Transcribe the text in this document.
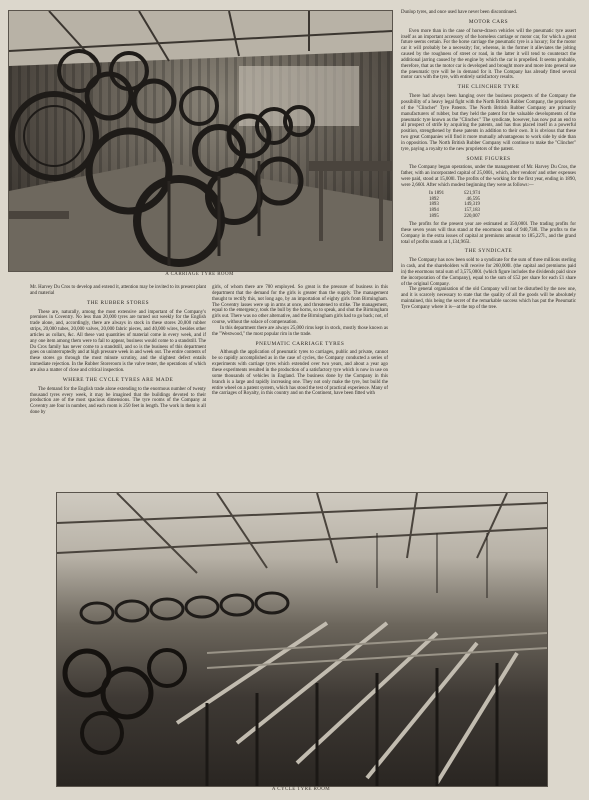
A CARRIAGE TYRE ROOM

Mr. Harvey Du Cros to develop and extend it, attention may be invited to its present plant and material

THE RUBBER STORES

These are, naturally, among the most extensive and important of the Company's premises in Coventry. No less than 20,000 tyres are turned out weekly for the English trade alone, and, accordingly, there are always in stock in these stores 20,000 rubber strips, 20,000 tubes, 20,000 valves, 20,000 fabric pieces, and 40,000 wires, besides other articles as collars, &c. All these vast quantities of material come in every week, and if any one item among them were to fail to appear, business would come to a standstill. The Du Cros family has never come to a standstill, and so is the business of this department goes on uninterruptedly and at high pressure week in and week out. The entire contents of these stores go through the most minute scrutiny, and the slightest defect entails immediate rejection. In the Rubber Storeroom is the valve tester, the operations of which are also a matter of close and critical inspection.

WHERE THE CYCLE TYRES ARE MADE

The demand for the English trade alone extending to the enormous number of twenty thousand tyres every week, it may be imagined that the buildings devoted to their production are of the most spacious dimensions. The tyre rooms of the Company at Coventry are four in number, and each room is 250 feet in length. The work in them is all done by

girls, of whom there are 700 employed. So great is the pressure of business in this department that the demand for the girls is greater than the supply. The management thought to rectify this, not long ago, by an importation of eighty girls from Birmingham. The Coventry lasses were up in arms at once, and threatened to strike. The management, equal to the emergency, took the bull by the horns, so to speak, and shut the Birmingham girls out. There was no other alternative, and the Birmingham girls had to go back; not, of course, without the solace of compensation.

In this department there are always 25,000 rims kept in stock, mostly those known as the "Westwood," the most popular rim in the trade.

PNEUMATIC CARRIAGE TYRES

Although the application of pneumatic tyres to carriages, public and private, cannot be so rapidly accomplished as in the case of cycles, the Company conducted a series of experiments with carriage tyres which extended over two years, and about a year ago these experiments resulted in the production of a satisfactory tyre which is now in use on some thousands of vehicles in England. The business done by the Company in this branch is a large and rapidly increasing one. They not only make the tyre, but build the entire wheel on a patent system, which has stood the test of practical experience. Many of the carriages of Royalty, in this country and on the Continent, have been fitted with

Dunlop tyres, and once used have never been discontinued.

MOTOR CARS

Even more than in the case of horse-drawn vehicles will the pneumatic tyre assert itself as an important accessory of the horseless carriage or motor car, for which a great future seems certain. For the horse carriage the pneumatic tyre is a luxury; for the motor car it will probably be a necessity; for, whereas, in the former it alleviates the jolting caused by the roughness of street or road, in the latter it will tend to counteract the additional jarring caused by the engine by which the car is propelled. It seems probable, therefore, that as the motor car is developed and brought more and more into general use the pneumatic tyre will be in demand for it. The Company has already fitted several motor cars with the tyre, with entirely satisfactory results.

THE CLINCHER TYRE

There had always been hanging over the business prospects of the Company the possibility of a heavy legal fight with the North British Rubber Company, the proprietors of the "Clincher" Tyre Patents. The North British Rubber Company are primarily manufacturers of rubber, but they held the patent for the valuable developments of the pneumatic tyre known as the "Clincher." The syndicate, however, has now put an end to all prospect of strife by acquiring the patents, and has thus placed itself in a powerful position, strengthened by these patents in addition to their own. It is obvious that these two great Companies will find it more mutually advantageous to work side by side than in opposition. The North British Rubber Company will continue to make the "Clincher" tyre, paying a royalty to the new proprietors of the patent.

SOME FIGURES

The Company began operations, under the management of Mr. Harvey Du Cros, the father, with an incorporated capital of 25,000l., which, after vendors' and other expenses were paid, stood at 15,000l. The profits of the working for the first year, ending in 1890, were 2,660l. After which modest beginning they were as follows:—

In 1891	£21,974
1892	46,595
1893	149,319
1894	157,183
1895	220,007

The profits for the present year are estimated at 350,000l. The trading profits for these seven years will thus stand at the enormous total of 940,738l. The profits to the Company in the extra issues of capital at premiums amount to 185,227l., and the grand total of profits stands at 1,134,965l.

THE SYNDICATE

The Company has now been sold to a syndicate for the sum of three millions sterling in cash, and the shareholders will receive for 260,000l. (the capital and premiums paid in) the enormous total sum of 3,575,000l. (which figure includes the dividends paid since the incorporation of the Company), equal to the sum of £52 per share for each £1 share of the original Company.

The general organisation of the old Company will not be disturbed by the new one, and it is scarcely necessary to state that the quality of all the goods will be absolutely maintained, this being the secret of the remarkable success which has put the Pneumatic Tyre Company where it is—at the top of the tree.

A CYCLE TYRE ROOM
